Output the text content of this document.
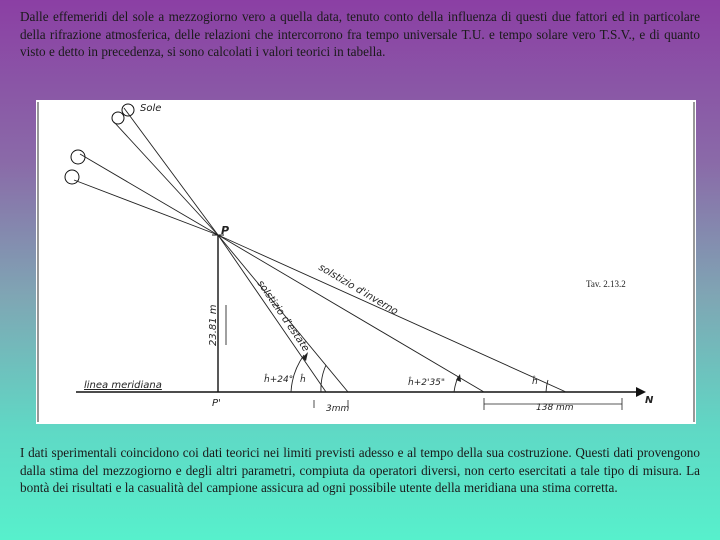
Dalle effemeridi del sole a mezzogiorno vero a quella data, tenuto conto della influenza di questi due fattori ed in particolare della rifrazione atmosferica, delle relazioni che intercorrono fra tempo universale T.U. e tempo solare vero T.S.V., e di quanto visto e detto in precedenza, si sono calcolati i valori teorici in tabella.

Sole
P
P'	N
linea meridiana
Tav. 2.13.2
ĥ+24° ĥ	ĥ+2'35"	ĥ
3mm	138 mm
23.81 m
solstizio d'inverno
solstizio d'estate

I dati sperimentali coincidono coi dati teorici nei limiti previsti adesso e al tempo della sua costruzione. Questi dati provengono dalla stima del mezzogiorno e degli altri parametri, compiuta da operatori diversi, non certo esercitati a tale tipo di misura. La bontà dei risultati e la casualità del campione assicura ad ogni possibile utente della meridiana una stima corretta.
